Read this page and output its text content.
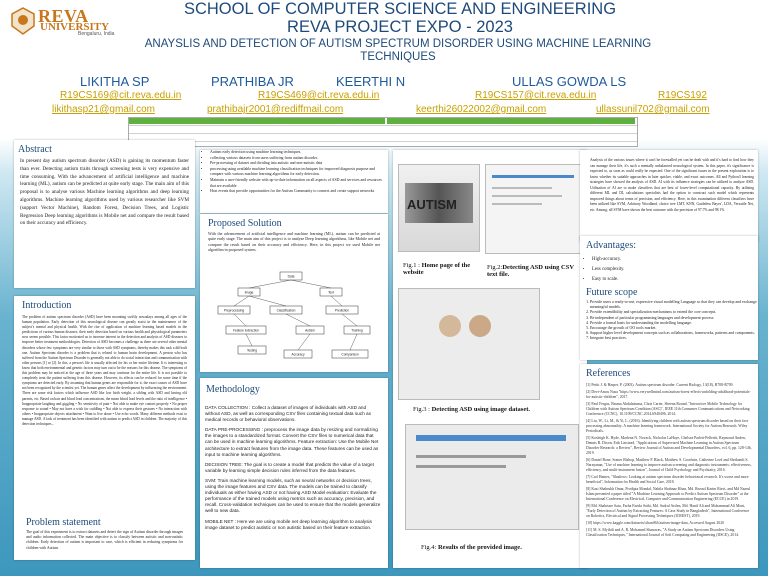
REVA
UNIVERSITY
Bengaluru, India
SCHOOL OF COMPUTER SCIENCE AND ENGINEERING
REVA PROJECT EXPO - 2023
ANAYSLIS AND DETECTION OF AUTISM SPECTRUM DISORDER USING MACHINE LEARNING TECHNIQUES
LIKITHA SP
R19CS169@cit.reva.edu.in
likithasp21@gmail.com
PRATHIBA JR
R19CS469@cit.reva.edu.in
prathibajr2001@rediffmail.com
KEERTHI N
R19CS157@cit.reva.edu.in
keerthi26022002@gmail.com
ULLAS GOWDA LS
R19CS192
ullassunil702@gmail.com
Abstract
In present day autism spectrum disorder (ASD) is gaining its momentum faster than ever. Detecting autism traits through screening tests is very expensive and time consuming. With the advancement of artificial intelligence and machine learning (ML), autism can be predicted at quite early stage. The main aim of this proposal is to analyse various Machine learning algorithms and deep learning algorithms. Machine learning algorithms used by various researcher like SVM (support Vector Machine), Random Forest, Decision Trees, and Logistic Regression Deep learning algorithms is Mobile net and compare the result based on their accuracy and efficiency.
Introduction
The problem of autism spectrum disorder (ASD) have been mounting swiftly nowadays among all ages of the human population. Early detection of this neurological disease can greatly assist in the maintenance of the subject's mental and physical health. With the rise of application of machine learning based models in the predictions of various human diseases, their early detection based on various health and physiological parameters now seems possible. This factor motivated us to increase interest in the detection and analysis of ASD diseases to improve better treatment methodologies. Detection of ASD becomes a challenge as there are several other mental disorders whose few symptoms are very similar to those with ASD symptoms, thereby makes this task a difficult one. Autism Spectrum disorder is a problem that is related to human brain development. A person who has suffered from the Autism Spectrum Disorder is generally not able to do social interaction and communication with other persons [1] or [2]. In this, a person's life is usually affected for his or her entire lifetime. It is interesting to know that both environmental and genetic factors may turn out to be the reasons for this disease. The symptoms of this problem may be noticed at the age of three years and may continue for the entire life. It is not possible to completely treat the patient suffering from this disease. However, its effects can be reduced for some time if the symptoms are detected early. By assuming that human genes are responsible for it, the exact causes of ASD have not been recognized by the scientist yet. The human genes affect the development by influencing the environment. There are some risk factors which influence ASD like low birth weight, a sibling with ASD and having old parents, etc. Based on hair and blood lead concentrations, the mean blood lead levels and the ratio of intelligence • Inappropriate laughing and giggling • No sensitivity of pain • Not able to make eye contact properly • No proper response to sound • May not have a wish for cuddling • Not able to express their gestures • No interaction with others • Inappropriate objects attachment • Want to live alone • Use echo words. Many different methods exist to manage ASD. A lack of treatment has been identified with autism to predict ASD in children. The majority of this detection techniques...
Problem statement
The goal of this experiment is to extract datasets and detect the sign of Autism disorder through images and audio information collected. The main objective is to classify between autistic and non-autistic children. Early detection of autism is important to care, which is efficient in reducing symptoms for children with Autism.
• Autism early detection using machine learning techniques.
• collecting various datasets from users suffering from autism disorder.
• Pre-processing of dataset and dividing into autistic and non-autistic data
• processing using available machine learning classification techniques for improved diagnosis purpose and compare with various machine learning algorithms for early detection.
• Maintain a user-friendly website with up-to-date information on all aspects of ASD and services and resources that are available
• Host events that provide opportunities for the Autism Community to connect and create support networks
Proposed Solution
With the advancement of artificial intelligence and machine learning (ML), autism can be predicted at quite early stage. The main aim of this project is to analyze Deep learning algorithms, like Mobile net and compare the result based on their accuracy and efficiency. Here, in this project we used Mobile net algorithm in proposed system.
Data
Image	Text
Preprocessing	Classification	Prediction
Feature Extraction	Autism	Training
Testing
Accuracy	Comparison
Methodology

DATA COLLECTION : Collect a dataset of images of individuals with ASD and without ASD, as well as corresponding CSV files containing textual data such as medical records or behavioral observations.

DATA PRE-PROCESSING : preprocess the image data by resizing and normalizing the images to a standardized format. Convert the CSV files to numerical data that can be used in machine learning algorithms. Feature extraction: Use the Mobile Net architecture to extract features from the image data. These features can be used as input to machine learning algorithms.

DECISION TREE: The goal is to create a model that predicts the value of a target variable by learning simple decision rules inferred from the data features.

SVM: Train machine learning models, such as neural networks or decision trees, using the image features and CSV data. The models can be trained to classify individuals as either having ASD or not having ASD Model evaluation: Evaluate the performance of the trained models using metrics such as accuracy, precision, and recall. Cross-validation techniques can be used to ensure that the models generalize well to new data.

MOBILE NET : Here we are using mobile net deep learning algorithm to analysis image dataset to predict autistic or non autistic based on their feature extraction.

AUTISM
Fig.1 : Home page of the website
Fig.2:Detecting ASD using CSV text file.
Fig.3 : Detecting ASD using image dataset.
Fig.4: Results of the provided image.
Analysis of the various issues where it can't be forestalled yet can be dealt with and it's hard to find how they can manage their life, it's such a mentally unbalanced neurological system. In this paper, it's significance is expected to, as soon as could really be expected. One of the significant issues in the present exploration is to know whether its suitable approaches in later quicker, viable, and exact outcomes. All and Python3 learning strategies have showed the analysis of ASD. AI with its influence strategies can be utilized to analyze ASD. Utilization of AI are to make classifiers that are best of lower-level computational capacity. By utilizing different ML and DL calculations specialists had the option to construct such model which represents improved things about terms of precision, and efficiency. Here, in this examination different classifiers have been utilized like SVM, Arbitrary Woodland, choice tree LMT, KNN, Guideless Bayes', LDA, Versatile Net, etc. Among, all SVM have shown the best outcome with the precision of 97.7% and 98.1%
Advantages:
• High-accuracy.
• Less complexity.
• Easy to scale.
Future scope
1. Provide users a ready-to-use, expressive visual modelling Language so that they can develop and exchange meaningful models.
2. Provide extendibility and specialization mechanisms to extend the core concepts.
3. Be independent of particular programming languages and development process.
4. Provide a formal basis for understanding the modelling language.
5. Encourage the growth of OO tools market.
6. Support higher level development concepts such as collaborations, frameworks, patterns and components.
7. Integrate best practices.
References

[1] Pettit J. & Harper. P. (2003). Autism spectrum disorder. Current Biology, 13(18), R708-R709.

[2] Devi-Amos Nusa "https://www.verywellmind.com/autism-forest-effects-unfolding-adulthood-potentials-for-autistic-children", 2017.

[3] Paul Fergus, Basma Abdulaimma, Chris Carter, Sheena Round, "Interactive Mobile Technology for Children with Autism Spectrum Condition (ASC)", IEEE 11th Consumer Communications and Networking Conference (CCNC), 10.1109/CCNC.2014.6940496, 2014.

[4] Liu, W., Li, M., & Yi, L. (2016). Identifying children with autism spectrum disorder based on their face processing abnormality: A machine learning framework. International Society for Autism Research. Wiley Periodicals.

[5] Kosleigh K. Hyde, Marlena N. Novack, Nicholas LaHaye, Chelsea Parlett-Pelleriti, Raymond Anden, Dennis R. Dixon, Erik Linstead, "Applications of Supervised Machine Learning in Autism Spectrum Disorder Research: a Review", Review Journal of Autism and Developmental Disorders, vol. 6, pp. 128-146, 2019.

[6] Daniel Bone, Somer Bishop, Matthew P. Black, Matthew S. Goodwin, Catherine Lord and Shrikanth S. Narayanan, "Use of machine learning to improve autism screening and diagnostic instruments: effectiveness, efficiency, and multi-instrument fusion", Journal of Child Psychology and Psychiatry, 2016.

[7] Carl Hames, "Shadows: Looking at autism spectrum disorder behavioural research. It's worse and more beneficial", Information for Health and Social Care, 2018.

[8] Kazi Shahrukh Omar, Prodipta Mondal, Nabila Shahnaz Khan, Md. Rezaul Karim Rizvi, and Md Nazrul Islam presented a paper titled "A Machine Learning Approach to Predict Autism Spectrum Disorder" at the International Conference on Electrical, Computer and Communication Engineering (ECCE) in 2019.

[9] Md. Shahriare Satu, Farha Farida Sathi, Md. Sadrul Arifen, Md. Hanif Ali and Mohammad Ali Moni, "Early Detection of Autism by Extracting Features: A Case Study in Bangladesh", International Conference on Robotics, Electrical and Signal Processing Techniques (ICREST), 2019.

[10] https://www.kaggle.com/datasets/cihan063/autism-image-data, Accessed August 2020

[11] M. S. Mythili and A. R. Mohamed Shanavas, "A Study on Autism Spectrum Disorders Using Classification Techniques," International Journal of Soft Computing and Engineering (IJSCE), 2014.
